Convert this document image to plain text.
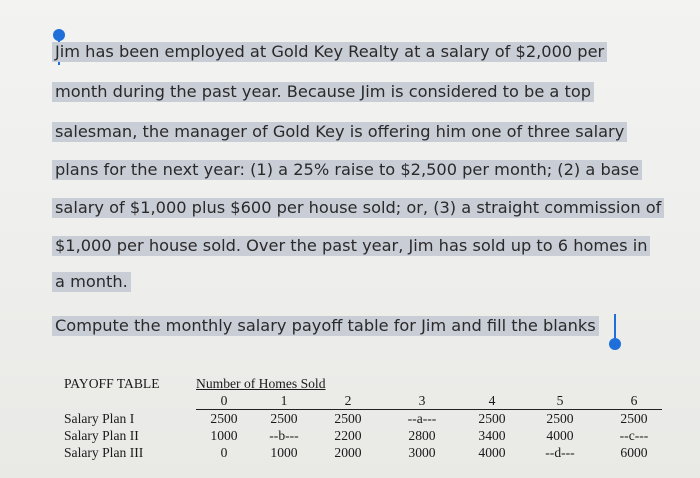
Jim has been employed at Gold Key Realty at a salary of $2,000 per
month during the past year. Because Jim is considered to be a top
salesman, the manager of Gold Key is offering him one of three salary
plans for the next year: (1) a 25% raise to $2,500 per month; (2) a base
salary of $1,000 plus $600 per house sold; or, (3) a straight commission of
$1,000 per house sold. Over the past year, Jim has sold up to 6 homes in
a month.
Compute the monthly salary payoff table for Jim and fill the blanks
PAYOFF TABLE	Number of Homes Sold
0	1	2	3	4	5	6
Salary Plan I	2500	2500	2500	--a---	2500	2500	2500
Salary Plan II	1000	--b---	2200	2800	3400	4000	--c---
Salary Plan III	0	1000	2000	3000	4000	--d---	6000
